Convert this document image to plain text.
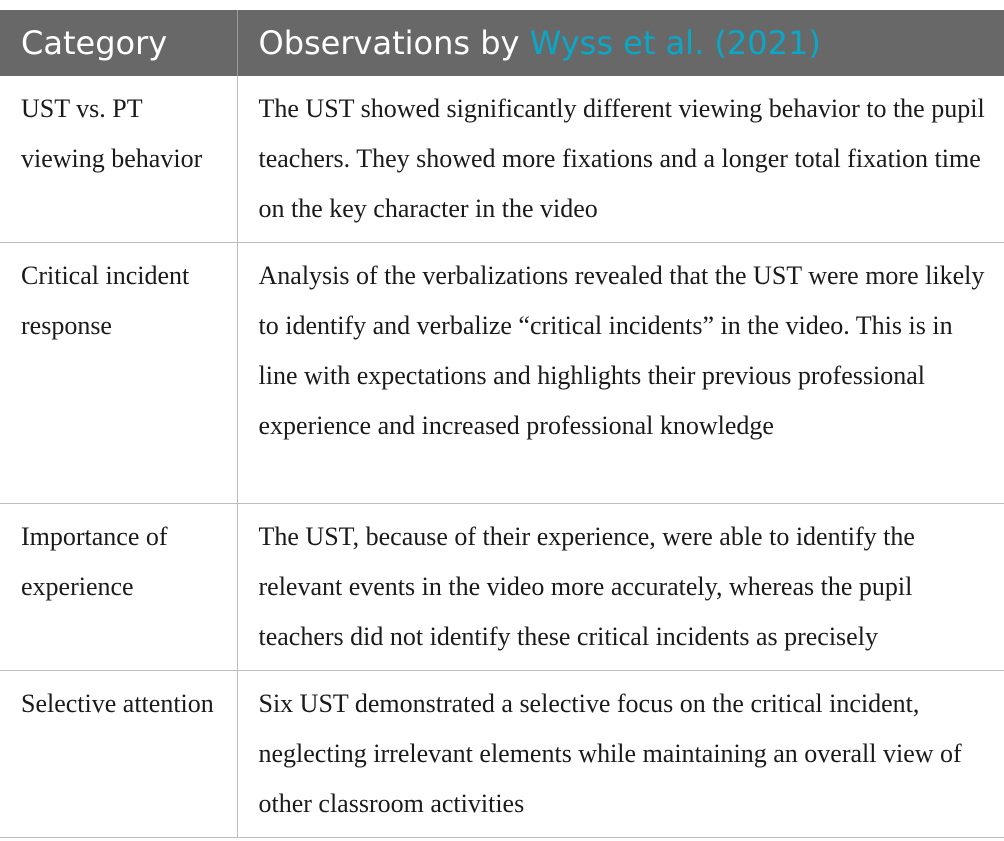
Category	Observations by Wyss et al. (2021)
UST vs. PT viewing behavior	The UST showed significantly different viewing behavior to the pupil teachers. They showed more fixations and a longer total fixation time on the key character in the video
Critical incident response	Analysis of the verbalizations revealed that the UST were more likely to identify and verbalize “critical incidents” in the video. This is in line with expectations and highlights their previous professional experience and increased professional knowledge
Importance of experience	The UST, because of their experience, were able to identify the relevant events in the video more accurately, whereas the pupil teachers did not identify these critical incidents as precisely
Selective attention	Six UST demonstrated a selective focus on the critical incident, neglecting irrelevant elements while maintaining an overall view of other classroom activities
